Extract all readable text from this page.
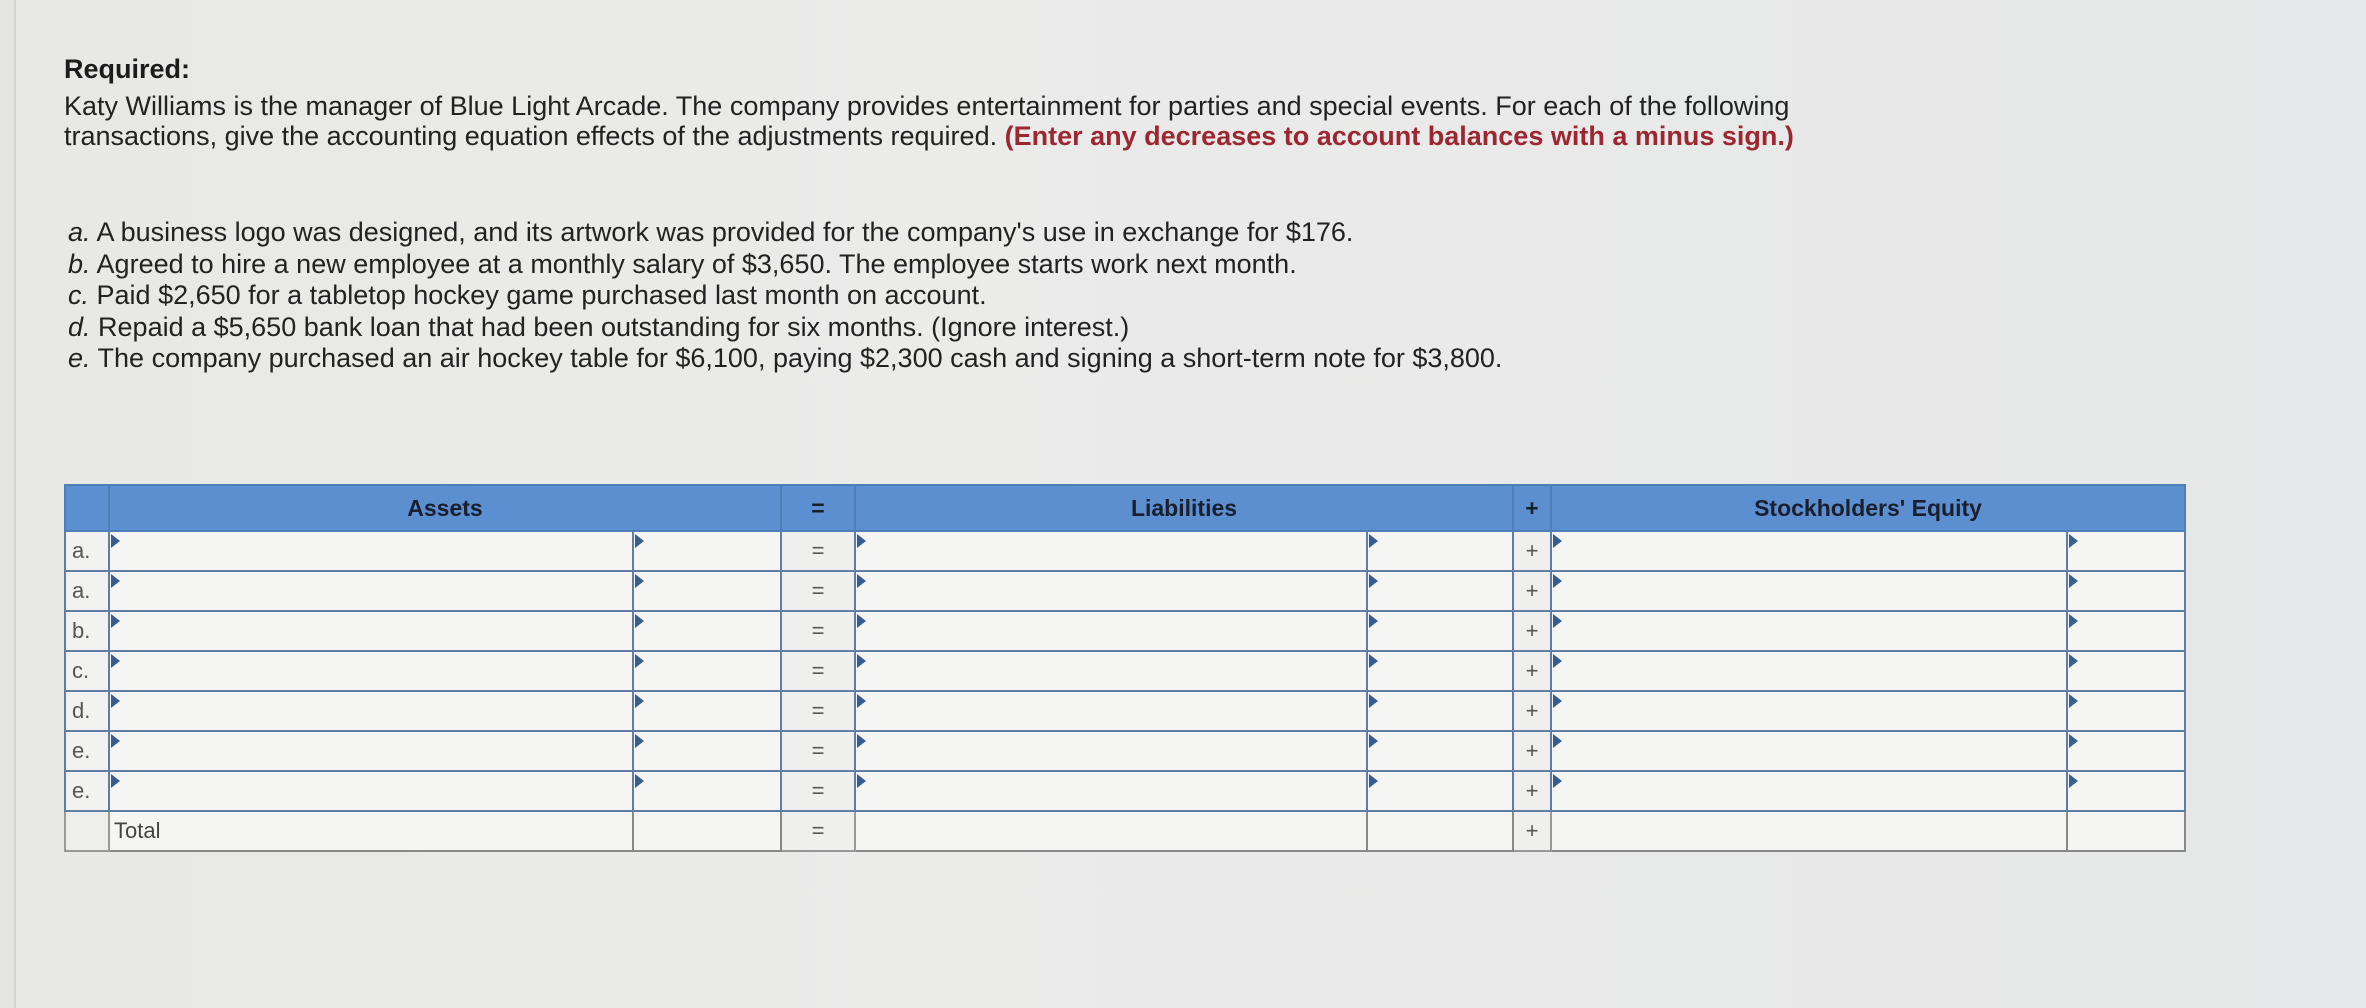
Required:

Katy Williams is the manager of Blue Light Arcade. The company provides entertainment for parties and special events. For each of the following transactions, give the accounting equation effects of the adjustments required. (Enter any decreases to account balances with a minus sign.)
a. A business logo was designed, and its artwork was provided for the company's use in exchange for $176.
b. Agreed to hire a new employee at a monthly salary of $3,650. The employee starts work next month.
c. Paid $2,650 for a tabletop hockey game purchased last month on account.
d. Repaid a $5,650 bank loan that had been outstanding for six months. (Ignore interest.)
e. The company purchased an air hockey table for $6,100, paying $2,300 cash and signing a short-term note for $3,800.
	Assets		=	Liabilities		+	Stockholders' Equity	
a.			=			+	

a.			=			+	

b.			=			+	

c.			=			+	

d.			=			+	

e.			=			+	

e.			=			+	

	Total		=			+		
